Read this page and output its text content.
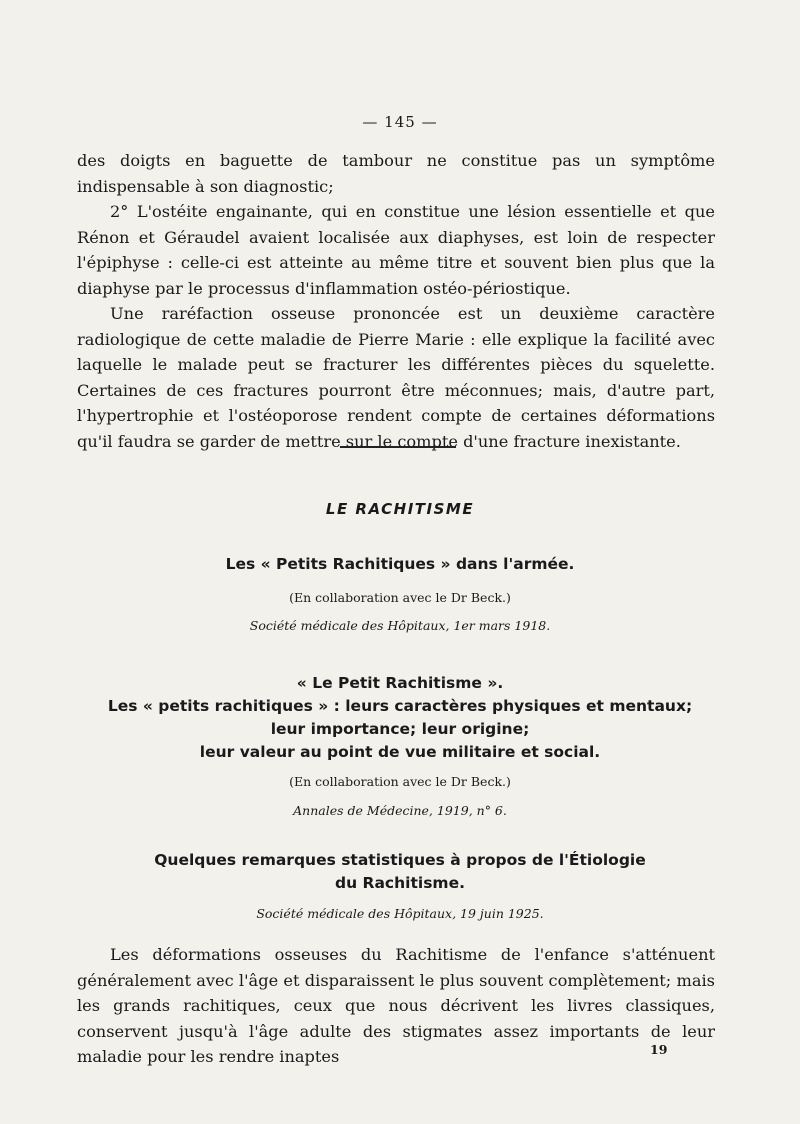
— 145 —

des doigts en baguette de tambour ne constitue pas un symptôme indispensable à son diagnostic;

2° L'ostéite engainante, qui en constitue une lésion essentielle et que Rénon et Géraudel avaient localisée aux diaphyses, est loin de respecter l'épiphyse : celle-ci est atteinte au même titre et souvent bien plus que la diaphyse par le processus d'inflammation ostéo-périostique.

Une raréfaction osseuse prononcée est un deuxième caractère radiologique de cette maladie de Pierre Marie : elle explique la facilité avec laquelle le malade peut se fracturer les différentes pièces du squelette. Certaines de ces fractures pourront être méconnues; mais, d'autre part, l'hypertrophie et l'ostéoporose rendent compte de certaines déformations qu'il faudra se garder de mettre sur le compte d'une fracture inexistante.

LE RACHITISME
Les « Petits Rachitiques » dans l'armée.
(En collaboration avec le Dr Beck.)
Société médicale des Hôpitaux, 1er mars 1918.
« Le Petit Rachitisme ».
Les « petits rachitiques » : leurs caractères physiques et mentaux;
leur importance; leur origine;
leur valeur au point de vue militaire et social.
(En collaboration avec le Dr Beck.)
Annales de Médecine, 1919, n° 6.
Quelques remarques statistiques à propos de l'Étiologie
du Rachitisme.
Société médicale des Hôpitaux, 19 juin 1925.

Les déformations osseuses du Rachitisme de l'enfance s'atténuent généralement avec l'âge et disparaissent le plus souvent complètement; mais les grands rachitiques, ceux que nous décrivent les livres classiques, conservent jusqu'à l'âge adulte des stigmates assez importants de leur maladie pour les rendre inaptes	19
